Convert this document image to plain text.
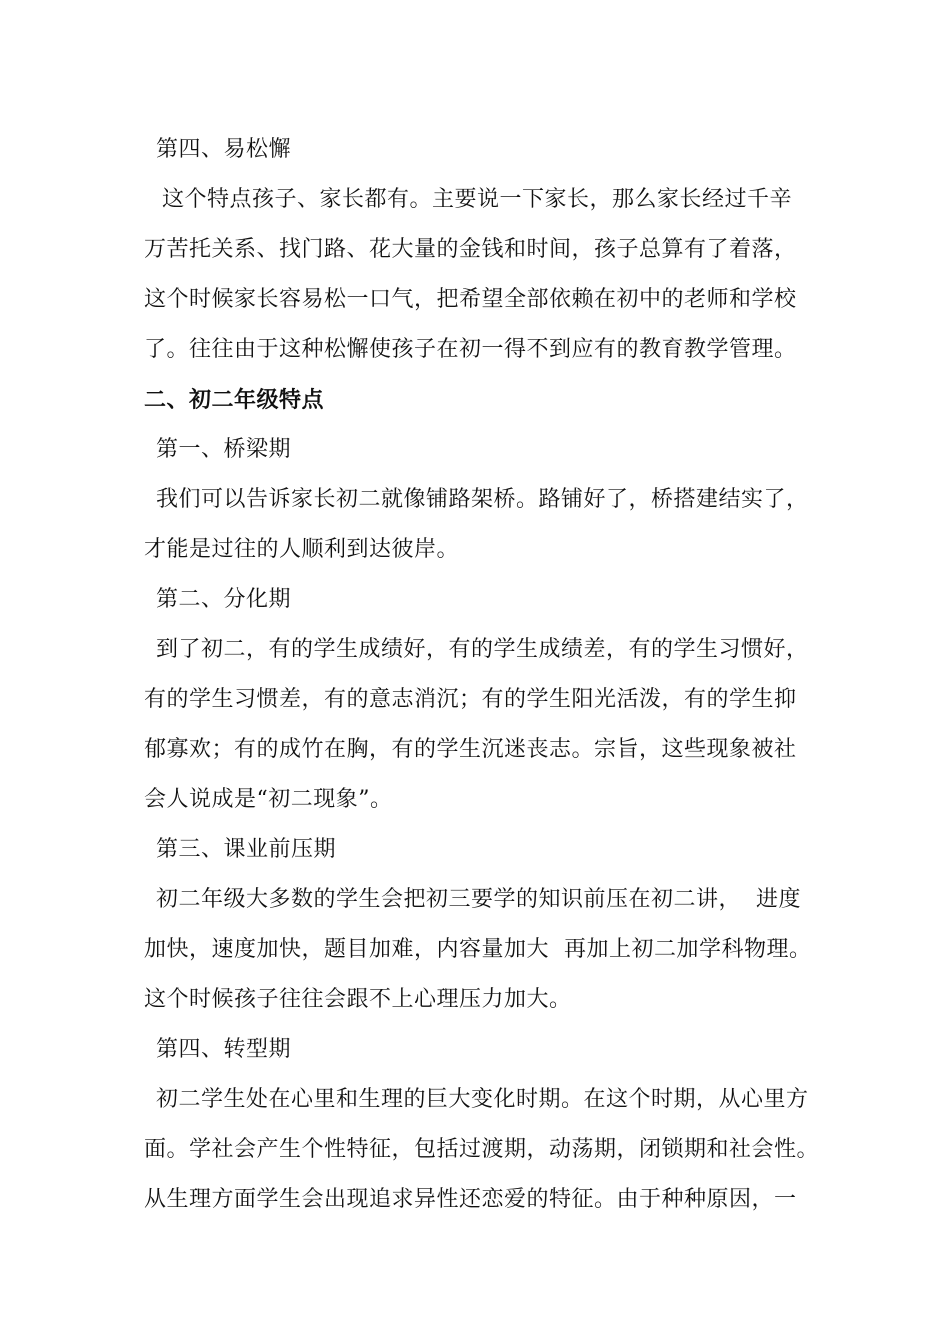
第四、易松懈
这个特点孩子、家长都有。主要说一下家长，那么家长经过千辛
万苦托关系、找门路、花大量的金钱和时间，孩子总算有了着落，
这个时候家长容易松一口气，把希望全部依赖在初中的老师和学校
了。往往由于这种松懈使孩子在初一得不到应有的教育教学管理。
二、初二年级特点
第一、桥梁期
我们可以告诉家长初二就像铺路架桥。路铺好了，桥搭建结实了，
才能是过往的人顺利到达彼岸。
第二、分化期
到了初二，有的学生成绩好，有的学生成绩差，有的学生习惯好，
有的学生习惯差，有的意志消沉；有的学生阳光活泼，有的学生抑
郁寡欢；有的成竹在胸，有的学生沉迷丧志。宗旨，这些现象被社
会人说成是“初二现象”。
第三、课业前压期
初二年级大多数的学生会把初三要学的知识前压在初二讲，  进度
加快，速度加快，题目加难，内容量加大  再加上初二加学科物理。
这个时候孩子往往会跟不上心理压力加大。
第四、转型期
初二学生处在心里和生理的巨大变化时期。在这个时期，从心里方
面。学社会产生个性特征，包括过渡期，动荡期，闭锁期和社会性。
从生理方面学生会出现追求异性还恋爱的特征。由于种种原因，一
